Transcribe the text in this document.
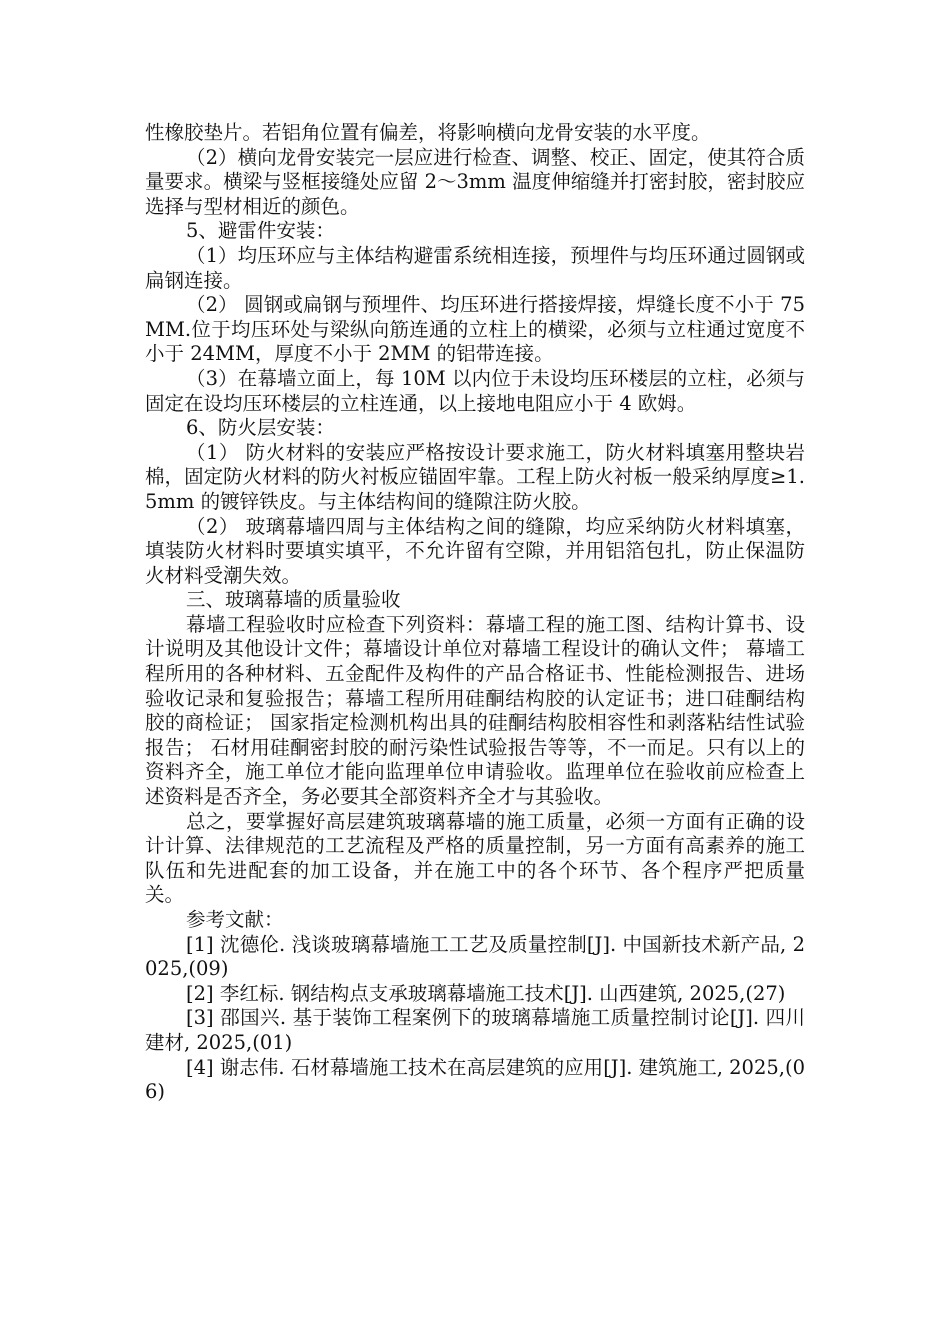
性橡胶垫片。若铝角位置有偏差，将影响横向龙骨安装的水平度。

（2）横向龙骨安装完一层应进行检查、调整、校正、固定，使其符合质量要求。横梁与竖框接缝处应留 2～3mm 温度伸缩缝并打密封胶，密封胶应选择与型材相近的颜色。

5、避雷件安装：

（1）均压环应与主体结构避雷系统相连接，预埋件与均压环通过圆钢或扁钢连接。

（2） 圆钢或扁钢与预埋件、均压环进行搭接焊接，焊缝长度不小于 75MM.位于均压环处与梁纵向筋连通的立柱上的横梁，必须与立柱通过宽度不小于 24MM，厚度不小于 2MM 的铝带连接。

（3）在幕墙立面上，每 10M 以内位于未设均压环楼层的立柱，必须与固定在设均压环楼层的立柱连通，以上接地电阻应小于 4 欧姆。

6、防火层安装：

（1） 防火材料的安装应严格按设计要求施工，防火材料填塞用整块岩棉，固定防火材料的防火衬板应锚固牢靠。工程上防火衬板一般采纳厚度≥1.5mm 的镀锌铁皮。与主体结构间的缝隙注防火胶。

（2） 玻璃幕墙四周与主体结构之间的缝隙，均应采纳防火材料填塞，填装防火材料时要填实填平，不允许留有空隙，并用铝箔包扎，防止保温防火材料受潮失效。

三、玻璃幕墙的质量验收

幕墙工程验收时应检查下列资料：幕墙工程的施工图、结构计算书、设计说明及其他设计文件；幕墙设计单位对幕墙工程设计的确认文件； 幕墙工程所用的各种材料、五金配件及构件的产品合格证书、性能检测报告、进场验收记录和复验报告；幕墙工程所用硅酮结构胶的认定证书；进口硅酮结构胶的商检证； 国家指定检测机构出具的硅酮结构胶相容性和剥落粘结性试验报告； 石材用硅酮密封胶的耐污染性试验报告等等，不一而足。只有以上的资料齐全，施工单位才能向监理单位申请验收。监理单位在验收前应检查上述资料是否齐全，务必要其全部资料齐全才与其验收。

总之，要掌握好高层建筑玻璃幕墙的施工质量，必须一方面有正确的设计计算、法律规范的工艺流程及严格的质量控制，另一方面有高素养的施工队伍和先进配套的加工设备，并在施工中的各个环节、各个程序严把质量关。

参考文献：

[1] 沈德伦. 浅谈玻璃幕墙施工工艺及质量控制[J]. 中国新技术新产品, 2025,(09)

[2] 李红标. 钢结构点支承玻璃幕墙施工技术[J]. 山西建筑, 2025,(27)

[3] 邵国兴. 基于装饰工程案例下的玻璃幕墙施工质量控制讨论[J]. 四川建材, 2025,(01)

[4] 谢志伟. 石材幕墙施工技术在高层建筑的应用[J]. 建筑施工, 2025,(06)
